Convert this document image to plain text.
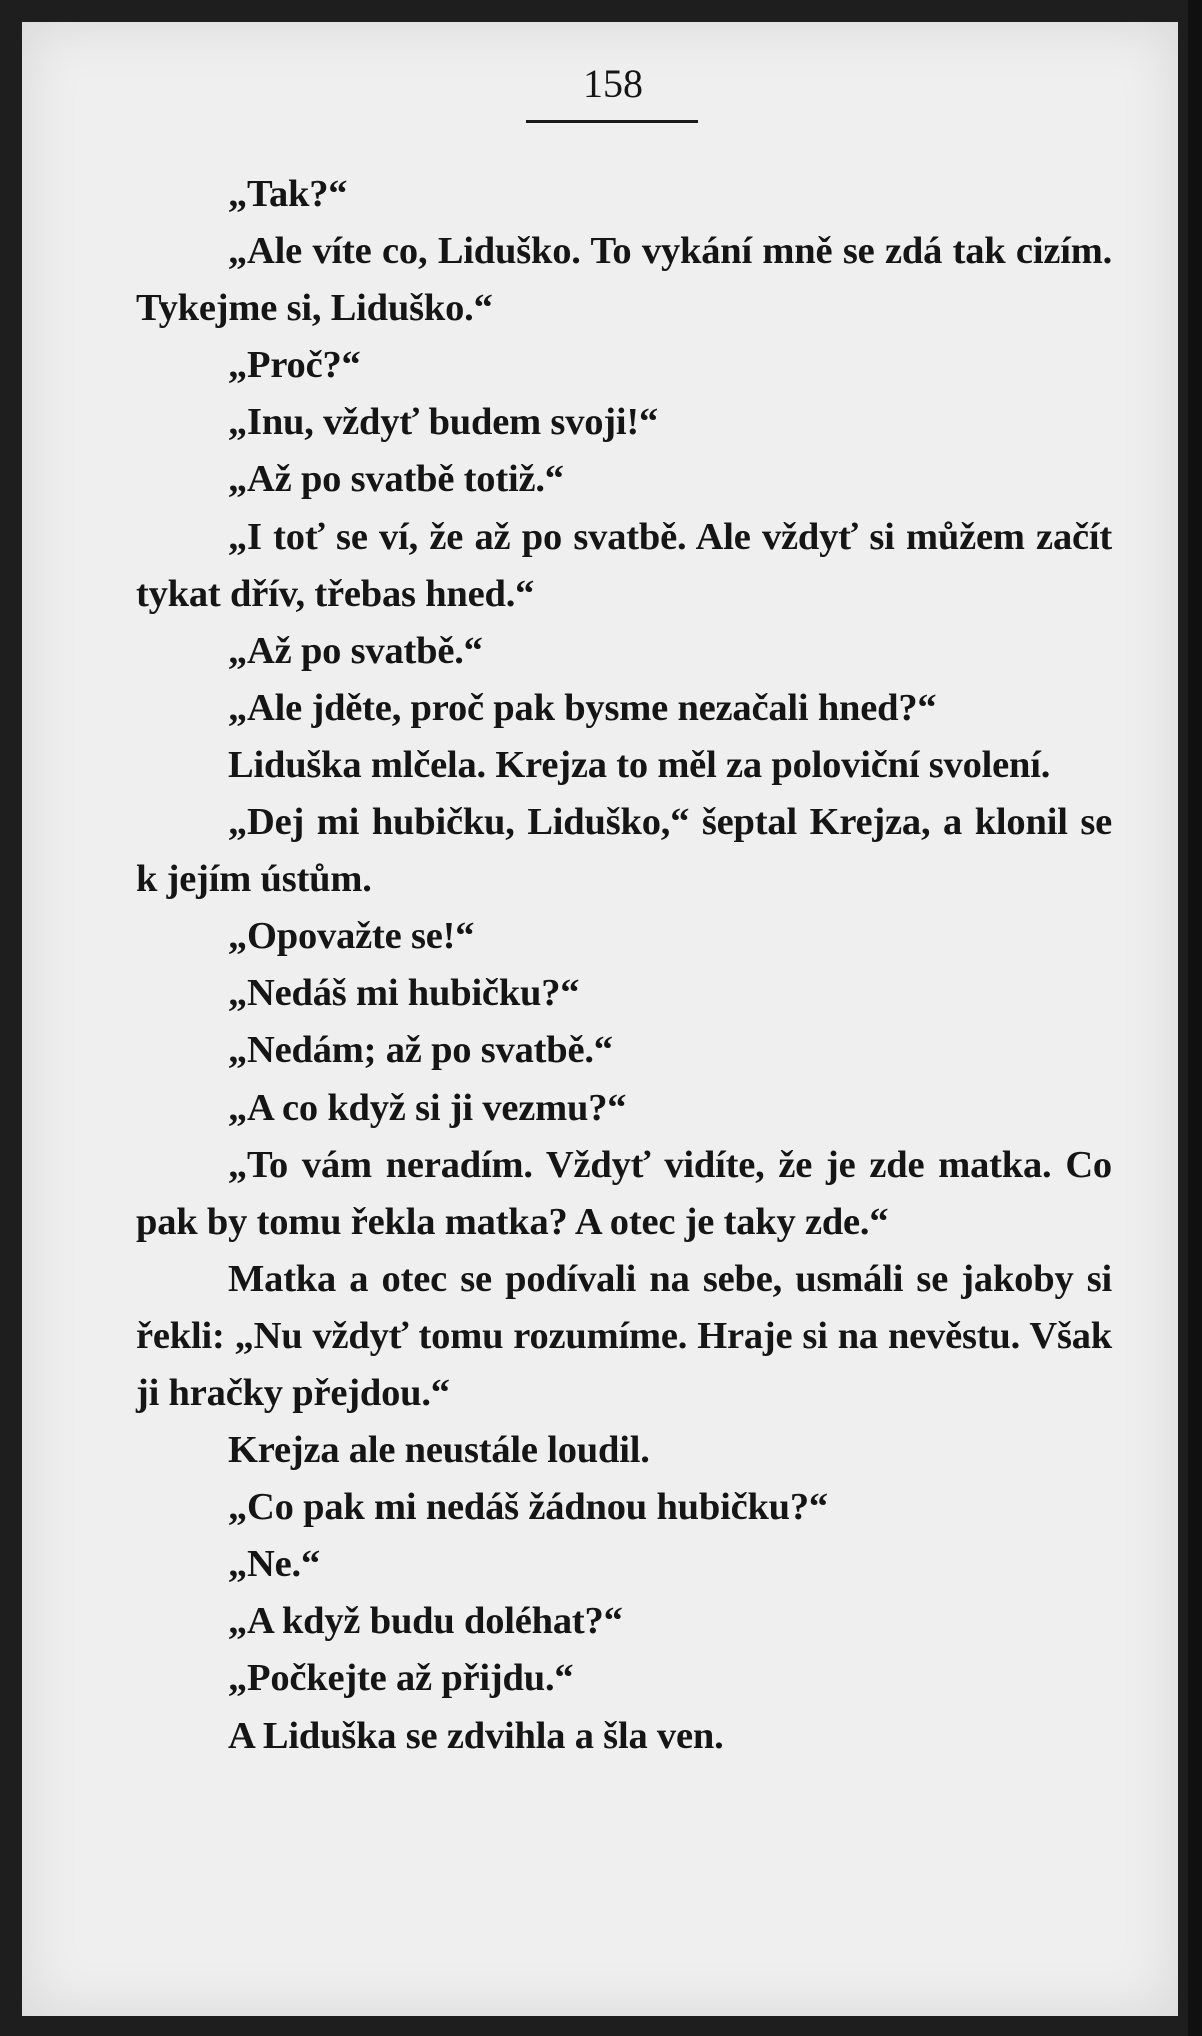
158

„Tak?“

„Ale víte co, Liduško. To vykání mně se zdá tak cizím. Tykejme si, Liduško.“

„Proč?“

„Inu, vždyť budem svoji!“

„Až po svatbě totiž.“

„I toť se ví, že až po svatbě. Ale vždyť si můžem začít tykat dřív, třebas hned.“

„Až po svatbě.“

„Ale jděte, proč pak bysme nezačali hned?“

Liduška mlčela. Krejza to měl za poloviční svolení.

„Dej mi hubičku, Liduško,“ šeptal Krejza, a klonil se k jejím ústům.

„Opovažte se!“

„Nedáš mi hubičku?“

„Nedám; až po svatbě.“

„A co když si ji vezmu?“

„To vám neradím. Vždyť vidíte, že je zde matka. Co pak by tomu řekla matka? A otec je taky zde.“

Matka a otec se podívali na sebe, usmáli se jakoby si řekli: „Nu vždyť tomu rozumíme. Hraje si na nevěstu. Však ji hračky přejdou.“

Krejza ale neustále loudil.

„Co pak mi nedáš žádnou hubičku?“

„Ne.“

„A když budu doléhat?“

„Počkejte až přijdu.“

A Liduška se zdvihla a šla ven.
